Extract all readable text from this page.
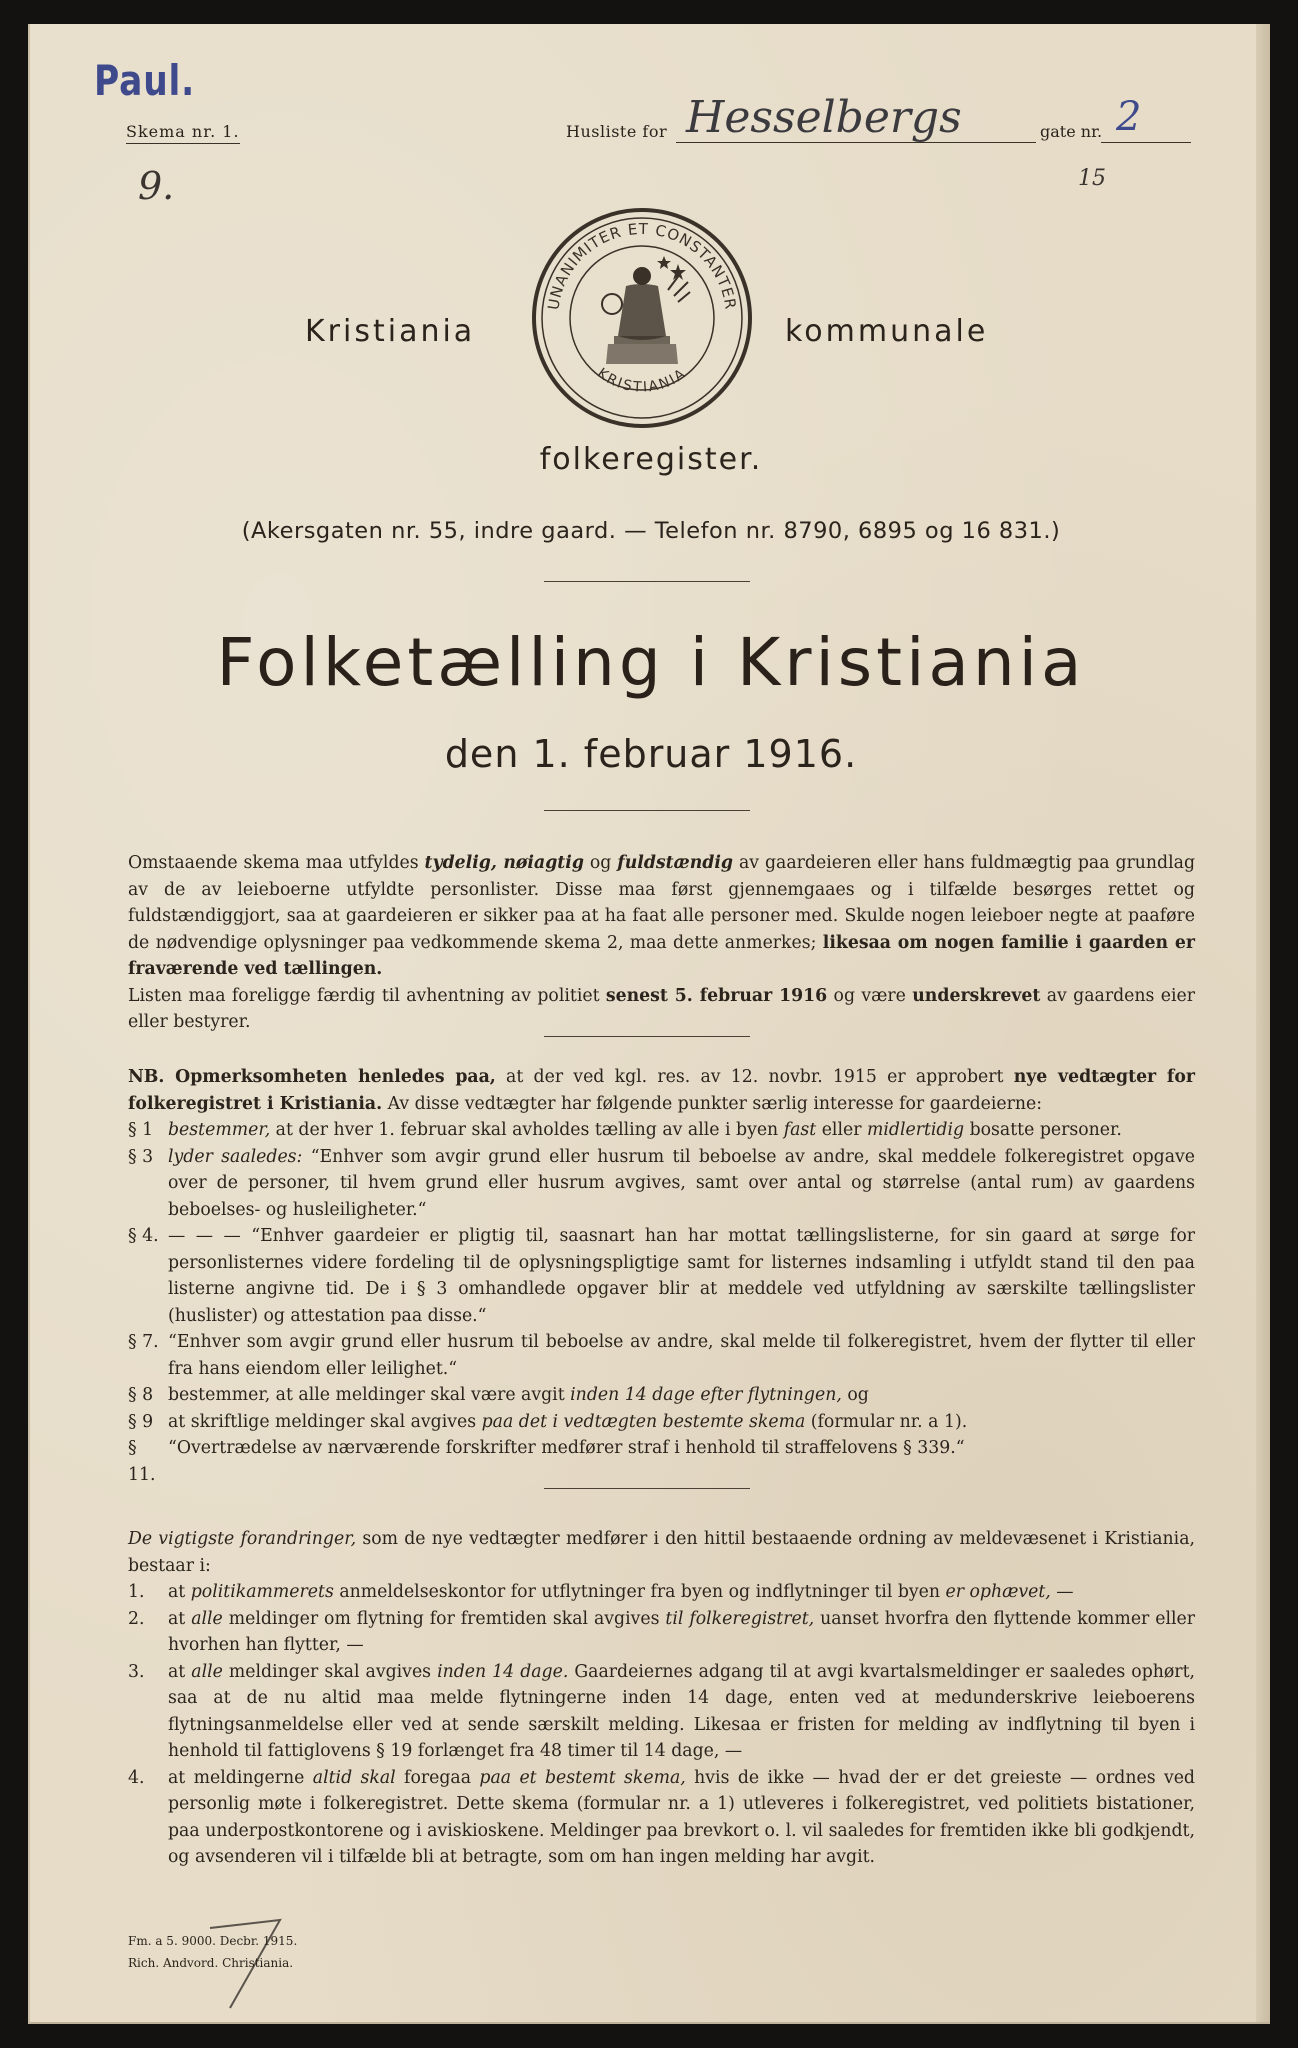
Paul.
Skema nr. 1.	Husliste for Hesselbergs	gate nr. 2
9.	15
Kristiania
UNANIMITER ET CONSTANTER
KRISTIANIA
kommunale
folkeregister.
(Akersgaten nr. 55, indre gaard. — Telefon nr. 8790, 6895 og 16 831.)
Folketælling i Kristiania
den 1. februar 1916.

Omstaaende skema maa utfyldes tydelig, nøiagtig og fuldstændig av gaardeieren eller hans fuldmægtig paa grundlag av de av leieboerne utfyldte personlister. Disse maa først gjennemgaaes og i tilfælde besørges rettet og fuldstændiggjort, saa at gaardeieren er sikker paa at ha faat alle personer med. Skulde nogen leieboer negte at paaføre de nødvendige oplysninger paa vedkommende skema 2, maa dette anmerkes; likesaa om nogen familie i gaarden er fraværende ved tællingen.

Listen maa foreligge færdig til avhentning av politiet senest 5. februar 1916 og være underskrevet av gaardens eier eller bestyrer.

NB. Opmerksomheten henledes paa, at der ved kgl. res. av 12. novbr. 1915 er approbert nye vedtægter for folkeregistret i Kristiania. Av disse vedtægter har følgende punkter særlig interesse for gaardeierne:

§ 1 bestemmer, at der hver 1. februar skal avholdes tælling av alle i byen fast eller midlertidig bosatte personer.
§ 3 lyder saaledes: “Enhver som avgir grund eller husrum til beboelse av andre, skal meddele folkeregistret opgave over de personer, til hvem grund eller husrum avgives, samt over antal og størrelse (antal rum) av gaardens beboelses- og husleiligheter.“
§ 4. — — — “Enhver gaardeier er pligtig til, saasnart han har mottat tællingslisterne, for sin gaard at sørge for personlisternes videre fordeling til de oplysningspligtige samt for listernes indsamling i utfyldt stand til den paa listerne angivne tid. De i § 3 omhandlede opgaver blir at meddele ved utfyldning av særskilte tællingslister (huslister) og attestation paa disse.“
§ 7. “Enhver som avgir grund eller husrum til beboelse av andre, skal melde til folkeregistret, hvem der flytter til eller fra hans eiendom eller leilighet.“
§ 8 bestemmer, at alle meldinger skal være avgit inden 14 dage efter flytningen, og
§ 9 at skriftlige meldinger skal avgives paa det i vedtægten bestemte skema (formular nr. a 1).
§ 11.
“Overtrædelse av nærværende forskrifter medfører straf i henhold til straffelovens § 339.“

De vigtigste forandringer, som de nye vedtægter medfører i den hittil bestaaende ordning av meldevæsenet i Kristiania, bestaar i:

1.	at politikammerets anmeldelseskontor for utflytninger fra byen og indflytninger til byen er ophævet, —
2.	at alle meldinger om flytning for fremtiden skal avgives til folkeregistret, uanset hvorfra den flyttende kommer eller hvorhen han flytter, —
3.	at alle meldinger skal avgives inden 14 dage. Gaardeiernes adgang til at avgi kvartalsmeldinger er saaledes ophørt, saa at de nu altid maa melde flytningerne inden 14 dage, enten ved at medunderskrive leieboerens flytningsanmeldelse eller ved at sende særskilt melding. Likesaa er fristen for melding av indflytning til byen i henhold til fattiglovens § 19 forlænget fra 48 timer til 14 dage, —
4.	at meldingerne altid skal foregaa paa et bestemt skema, hvis de ikke — hvad der er det greieste — ordnes ved personlig møte i folkeregistret. Dette skema (formular nr. a 1) utleveres i folkeregistret, ved politiets bistationer, paa underpostkontorene og i aviskioskene. Meldinger paa brevkort o. l. vil saaledes for fremtiden ikke bli godkjendt, og avsenderen vil i tilfælde bli at betragte, som om han ingen melding har avgit.
Fm. a 5. 9000. Decbr. 1915.
Rich. Andvord. Christiania.
